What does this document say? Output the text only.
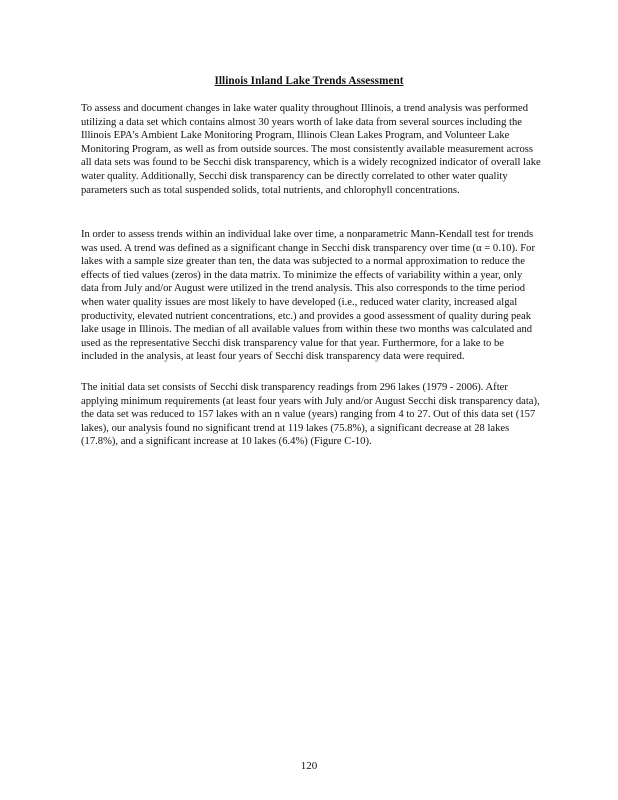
Illinois Inland Lake Trends Assessment

To assess and document changes in lake water quality throughout Illinois, a trend analysis was performed utilizing a data set which contains almost 30 years worth of lake data from several sources including the Illinois EPA's Ambient Lake Monitoring Program, Illinois Clean Lakes Program, and Volunteer Lake Monitoring Program, as well as from outside sources. The most consistently available measurement across all data sets was found to be Secchi disk transparency, which is a widely recognized indicator of overall lake water quality. Additionally, Secchi disk transparency can be directly correlated to other water quality parameters such as total suspended solids, total nutrients, and chlorophyll concentrations.

In order to assess trends within an individual lake over time, a nonparametric Mann-Kendall test for trends was used. A trend was defined as a significant change in Secchi disk transparency over time (α = 0.10). For lakes with a sample size greater than ten, the data was subjected to a normal approximation to reduce the effects of tied values (zeros) in the data matrix. To minimize the effects of variability within a year, only data from July and/or August were utilized in the trend analysis. This also corresponds to the time period when water quality issues are most likely to have developed (i.e., reduced water clarity, increased algal productivity, elevated nutrient concentrations, etc.) and provides a good assessment of quality during peak lake usage in Illinois. The median of all available values from within these two months was calculated and used as the representative Secchi disk transparency value for that year. Furthermore, for a lake to be included in the analysis, at least four years of Secchi disk transparency data were required.

The initial data set consists of Secchi disk transparency readings from 296 lakes (1979 - 2006). After applying minimum requirements (at least four years with July and/or August Secchi disk transparency data), the data set was reduced to 157 lakes with an n value (years) ranging from 4 to 27. Out of this data set (157 lakes), our analysis found no significant trend at 119 lakes (75.8%), a significant decrease at 28 lakes (17.8%), and a significant increase at 10 lakes (6.4%) (Figure C-10).

120
